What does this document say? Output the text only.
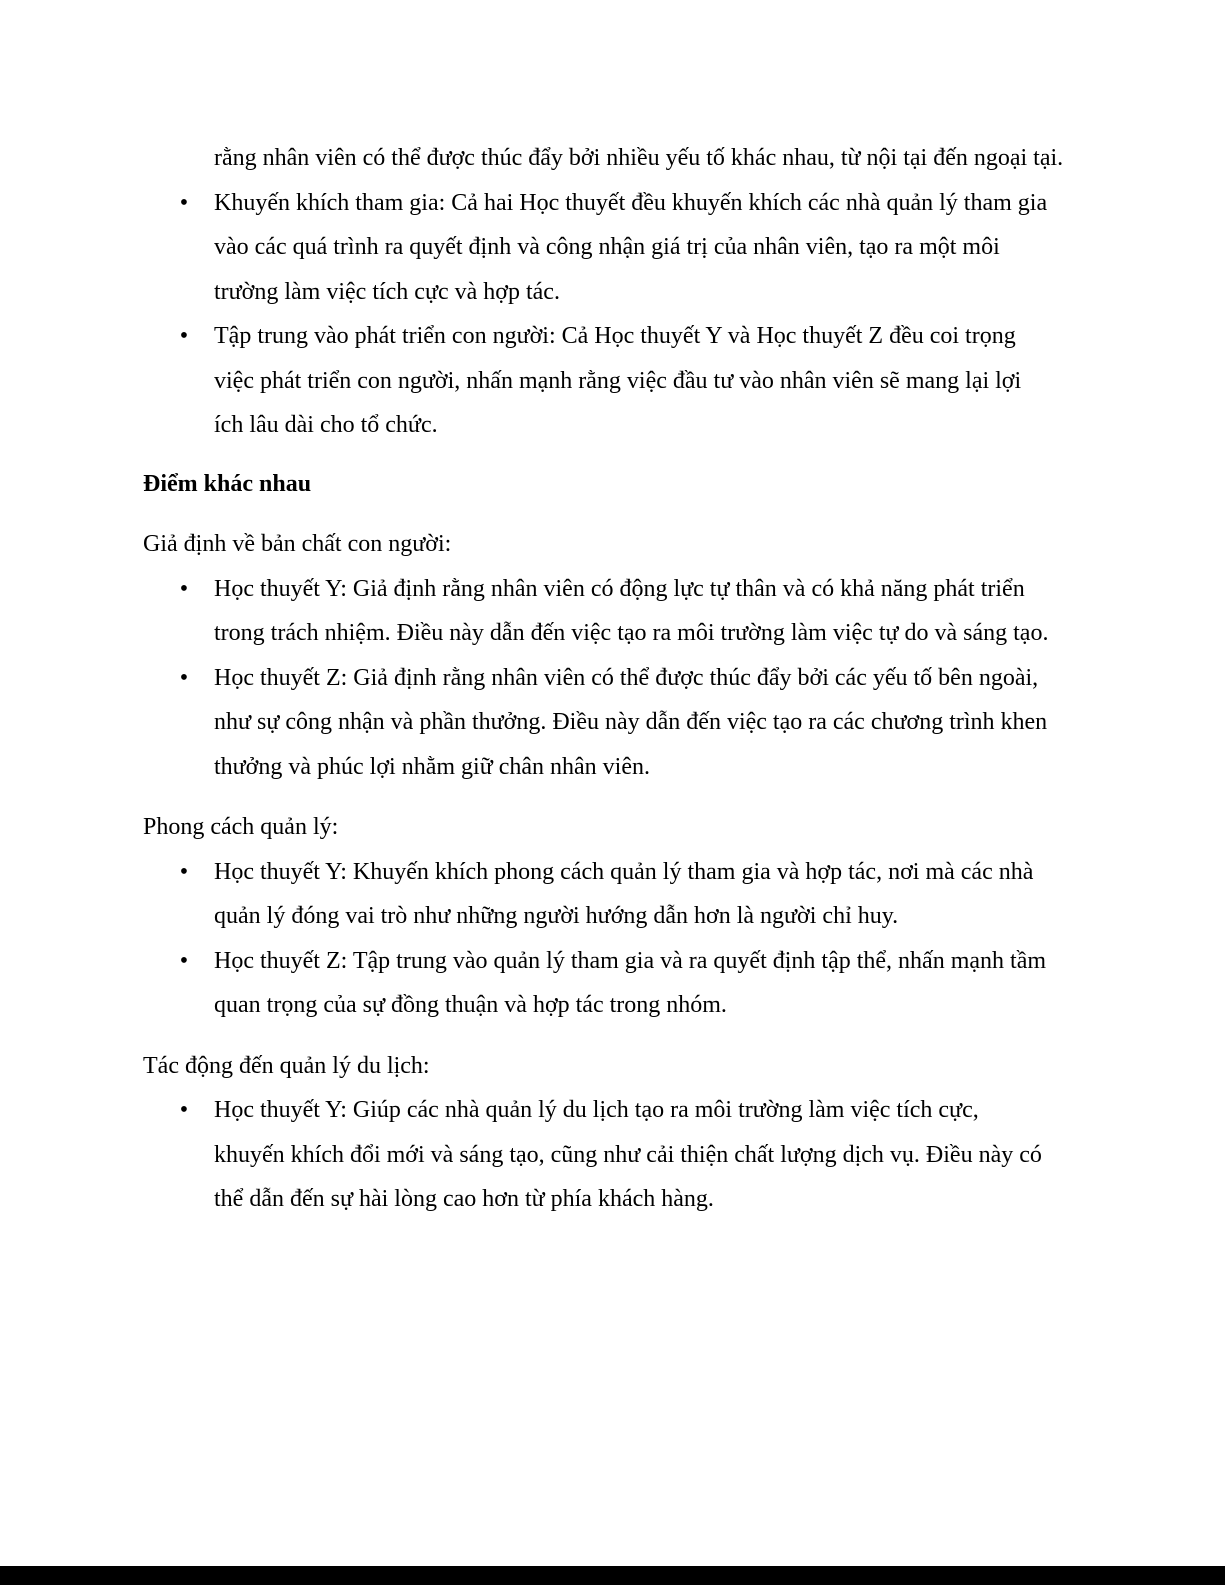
rằng nhân viên có thể được thúc đẩy bởi nhiều yếu tố khác nhau, từ nội tại đến ngoại tại.

• Khuyến khích tham gia: Cả hai Học thuyết đều khuyến khích các nhà quản lý tham gia vào các quá trình ra quyết định và công nhận giá trị của nhân viên, tạo ra một môi trường làm việc tích cực và hợp tác.
• Tập trung vào phát triển con người: Cả Học thuyết Y và Học thuyết Z đều coi trọng việc phát triển con người, nhấn mạnh rằng việc đầu tư vào nhân viên sẽ mang lại lợi ích lâu dài cho tổ chức.
Điểm khác nhau
Giả định về bản chất con người:
• Học thuyết Y: Giả định rằng nhân viên có động lực tự thân và có khả năng phát triển trong trách nhiệm. Điều này dẫn đến việc tạo ra môi trường làm việc tự do và sáng tạo.
• Học thuyết Z: Giả định rằng nhân viên có thể được thúc đẩy bởi các yếu tố bên ngoài, như sự công nhận và phần thưởng. Điều này dẫn đến việc tạo ra các chương trình khen thưởng và phúc lợi nhằm giữ chân nhân viên.
Phong cách quản lý:
• Học thuyết Y: Khuyến khích phong cách quản lý tham gia và hợp tác, nơi mà các nhà quản lý đóng vai trò như những người hướng dẫn hơn là người chỉ huy.
• Học thuyết Z: Tập trung vào quản lý tham gia và ra quyết định tập thể, nhấn mạnh tầm quan trọng của sự đồng thuận và hợp tác trong nhóm.
Tác động đến quản lý du lịch:
• Học thuyết Y: Giúp các nhà quản lý du lịch tạo ra môi trường làm việc tích cực, khuyến khích đổi mới và sáng tạo, cũng như cải thiện chất lượng dịch vụ. Điều này có thể dẫn đến sự hài lòng cao hơn từ phía khách hàng.
